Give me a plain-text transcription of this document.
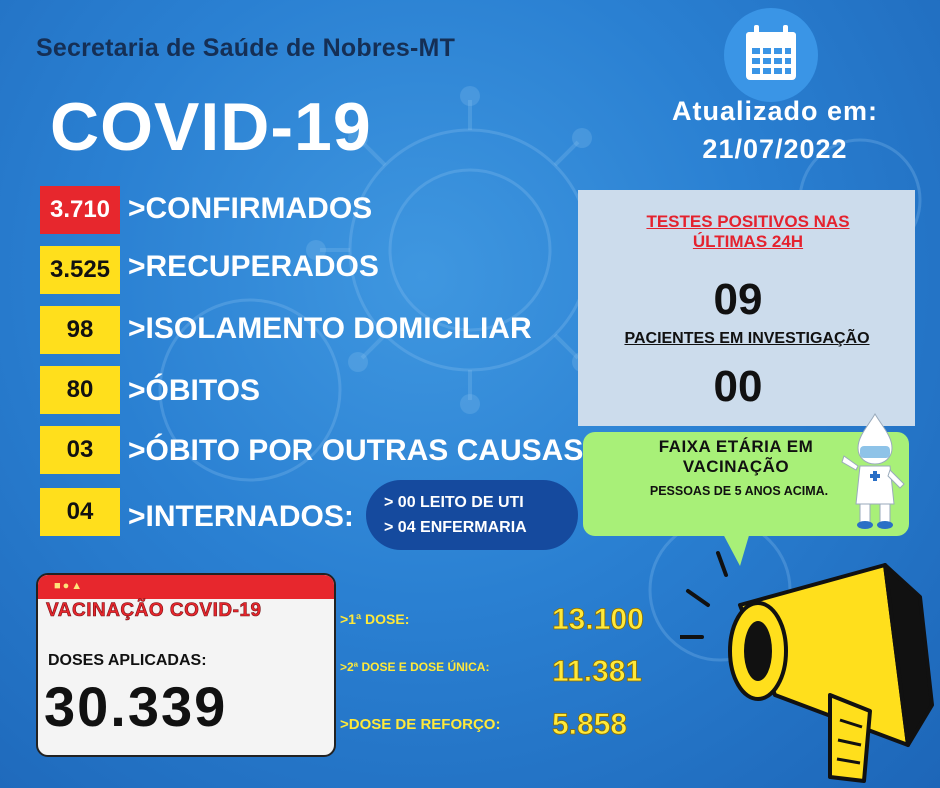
Secretaria de Saúde de Nobres-MT
COVID-19	Atualizado em:
21/07/2022
3.710 >CONFIRMADOS
3.525 >RECUPERADOS
98	>ISOLAMENTO DOMICILIAR
80	>ÓBITOS
03	>ÓBITO POR OUTRAS CAUSAS
04	>INTERNADOS: > 00 LEITO DE UTI
> 04 ENFERMARIA
TESTES POSITIVOS NAS
ÚLTIMAS 24H
09
PACIENTES EM INVESTIGAÇÃO
00
FAIXA ETÁRIA EM
VACINAÇÃO
PESSOAS DE 5 ANOS ACIMA.
■●▲
VACINAÇÃO COVID-19
DOSES APLICADAS:
30.339
>1ª DOSE:	13.100
>2ª DOSE E DOSE ÚNICA: 11.381
>DOSE DE REFORÇO: 5.858
